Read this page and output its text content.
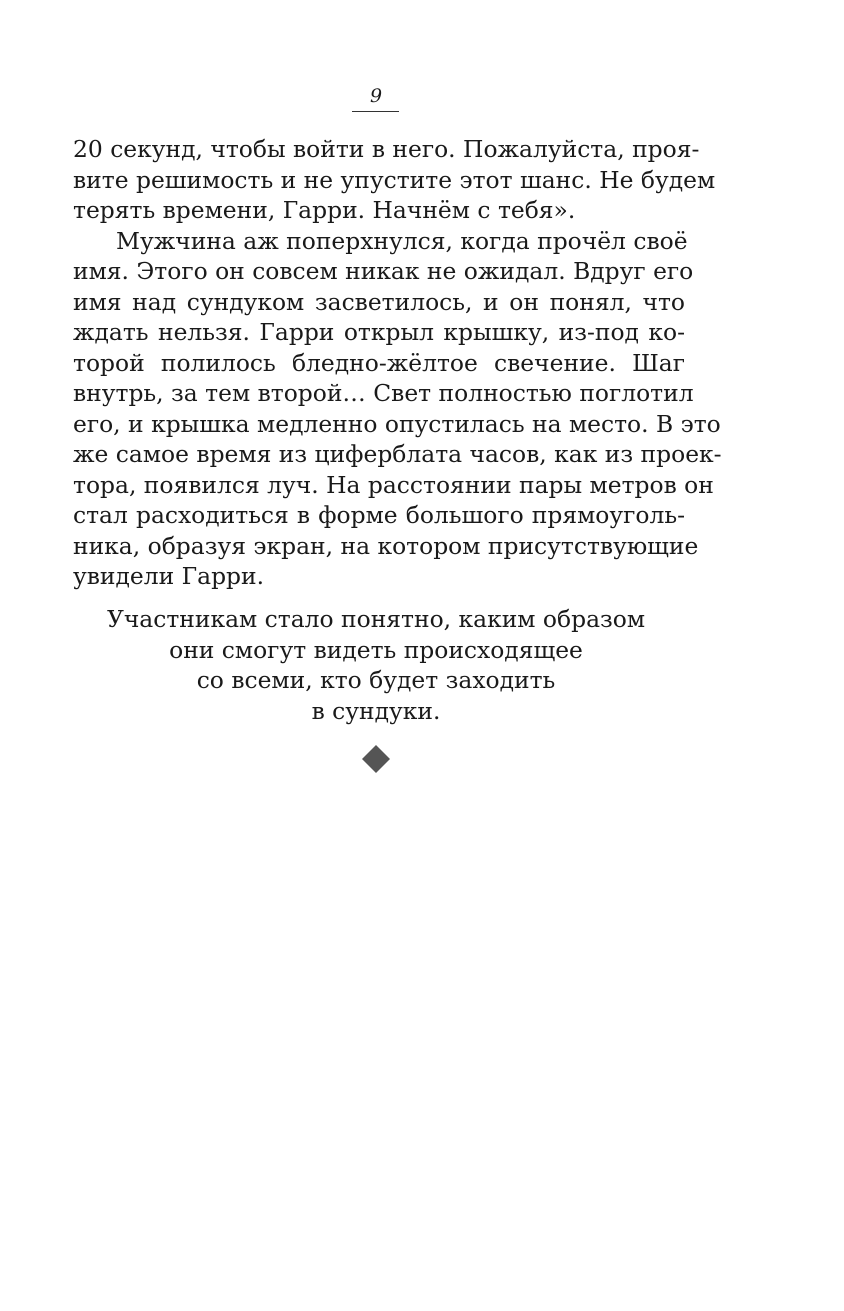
9
20 секунд, чтобы войти в него. Пожалуйста, проя-
вите решимость и не упустите этот шанс. Не будем
терять времени, Гарри. Начнём с тебя».
Мужчина аж поперхнулся, когда прочёл своё
имя. Этого он совсем никак не ожидал. Вдруг его
имя над сундуком засветилось, и он понял, что
ждать нельзя. Гарри открыл крышку, из-под ко-
торой полилось бледно-жёлтое свечение. Шаг
внутрь, за тем второй… Свет полностью поглотил
его, и крышка медленно опустилась на место. В это
же самое время из циферблата часов, как из проек-
тора, появился луч. На расстоянии пары метров он
стал расходиться в форме большого прямоуголь-
ника, образуя экран, на котором присутствующие
увидели Гарри.
Участникам стало понятно, каким образом
они смогут видеть происходящее
со всеми, кто будет заходить
в сундуки.
